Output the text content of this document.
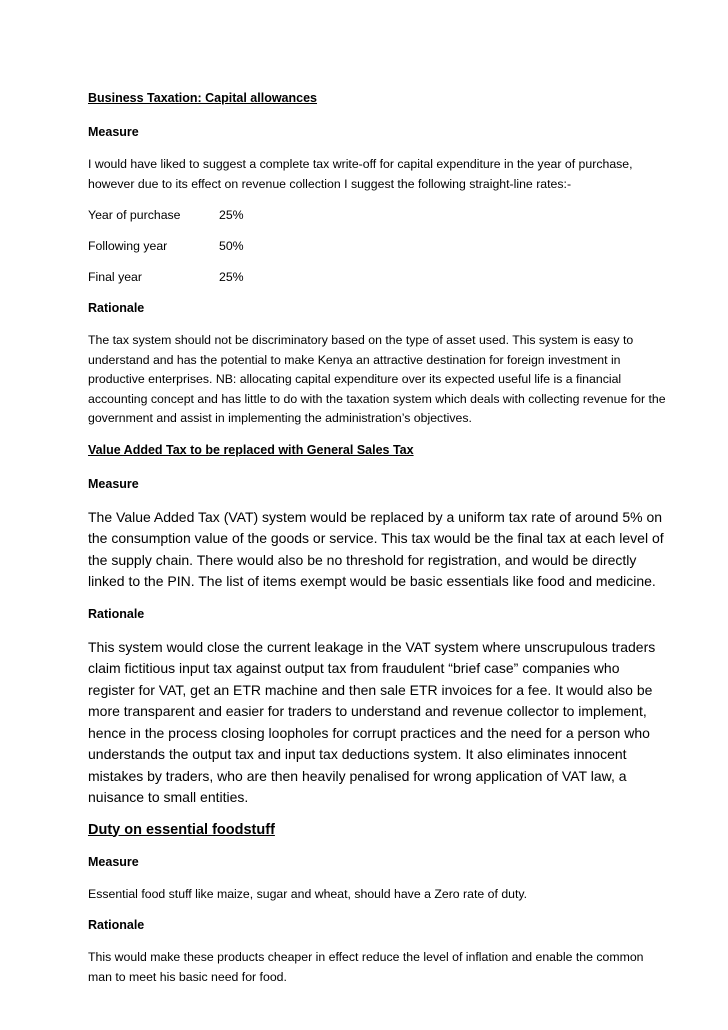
Business Taxation: Capital allowances
Measure
I would have liked to suggest a complete tax write-off for capital expenditure in the year of purchase, however due to its effect on revenue collection I suggest the following straight-line rates:-
Year of purchase	25%
Following year	50%
Final year	25%
Rationale
The tax system should not be discriminatory based on the type of asset used. This system is easy to understand and has the potential to make Kenya an attractive destination for foreign investment in productive enterprises. NB: allocating capital expenditure over its expected useful life is a financial accounting concept and has little to do with the taxation system which deals with collecting revenue for the government and assist in implementing the administration’s objectives.
Value Added Tax to be replaced with General Sales Tax
Measure
The Value Added Tax (VAT) system would be replaced by a uniform tax rate of around 5% on the consumption value of the goods or service. This tax would be the final tax at each level of the supply chain. There would also be no threshold for registration, and would be directly linked to the PIN. The list of items exempt would be basic essentials like food and medicine.
Rationale
This system would close the current leakage in the VAT system where unscrupulous traders claim fictitious input tax against output tax from fraudulent “brief case” companies who register for VAT, get an ETR machine and then sale ETR invoices for a fee. It would also be more transparent and easier for traders to understand and revenue collector to implement, hence in the process closing loopholes for corrupt practices and the need for a person who understands the output tax and input tax deductions system. It also eliminates innocent mistakes by traders, who are then heavily penalised for wrong application of VAT law, a nuisance to small entities.
Duty on essential foodstuff
Measure
Essential food stuff like maize, sugar and wheat, should have a Zero rate of duty.
Rationale
This would make these products cheaper in effect reduce the level of inflation and enable the common man to meet his basic need for food.
